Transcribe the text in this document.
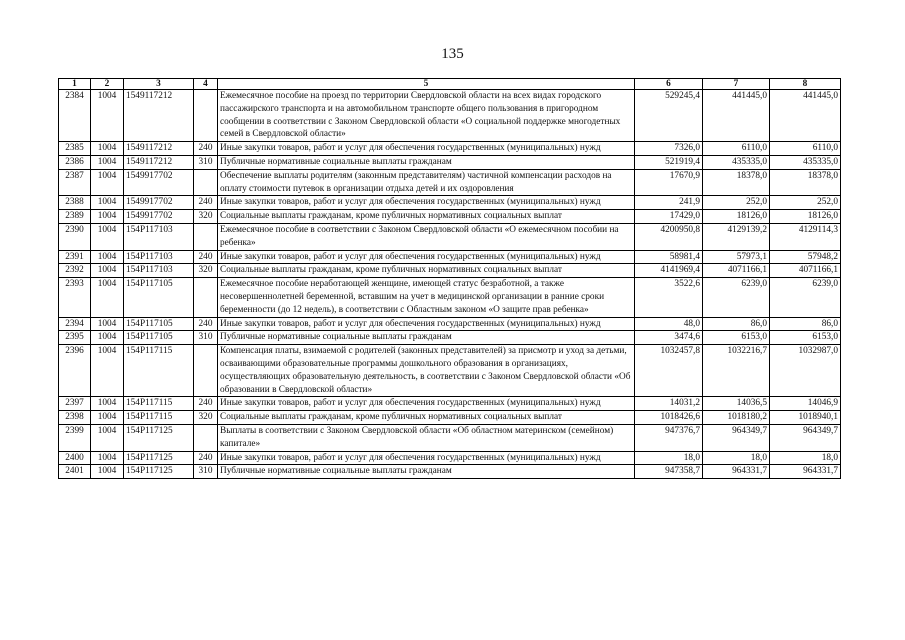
135
1	2	3	4	5	6	7	8
2384	1004	1549117212		Ежемесячное пособие на проезд по территории Свердловской области на всех видах городского пассажирского транспорта и на автомобильном транспорте общего пользования в пригородном сообщении в соответствии с Законом Свердловской области «О социальной поддержке многодетных семей в Свердловской области»	529245,4	441445,0	441445,0
2385	1004	1549117212	240	Иные закупки товаров, работ и услуг для обеспечения государственных (муниципальных) нужд	7326,0	6110,0	6110,0
2386	1004	1549117212	310	Публичные нормативные социальные выплаты гражданам	521919,4	435335,0	435335,0
2387	1004	1549917702		Обеспечение выплаты родителям (законным представителям) частичной компенсации расходов на оплату стоимости путевок в организации отдыха детей и их оздоровления	17670,9	18378,0	18378,0
2388	1004	1549917702	240	Иные закупки товаров, работ и услуг для обеспечения государственных (муниципальных) нужд	241,9	252,0	252,0
2389	1004	1549917702	320	Социальные выплаты гражданам, кроме публичных нормативных социальных выплат	17429,0	18126,0	18126,0
2390	1004	154P117103		Ежемесячное пособие в соответствии с Законом Свердловской области «О ежемесячном пособии на ребенка»	4200950,8	4129139,2	4129114,3
2391	1004	154P117103	240	Иные закупки товаров, работ и услуг для обеспечения государственных (муниципальных) нужд	58981,4	57973,1	57948,2
2392	1004	154P117103	320	Социальные выплаты гражданам, кроме публичных нормативных социальных выплат	4141969,4	4071166,1	4071166,1
2393	1004	154P117105		Ежемесячное пособие неработающей женщине, имеющей статус безработной, а также несовершеннолетней беременной, вставшим на учет в медицинской организации в ранние сроки беременности (до 12 недель), в соответствии с Областным законом «О защите прав ребенка»	3522,6	6239,0	6239,0
2394	1004	154P117105	240	Иные закупки товаров, работ и услуг для обеспечения государственных (муниципальных) нужд	48,0	86,0	86,0
2395	1004	154P117105	310	Публичные нормативные социальные выплаты гражданам	3474,6	6153,0	6153,0
2396	1004	154P117115		Компенсация платы, взимаемой с родителей (законных представителей) за присмотр и уход за детьми, осваивающими образовательные программы дошкольного образования в организациях, осуществляющих образовательную деятельность, в соответствии с Законом Свердловской области «Об образовании в Свердловской области»	1032457,8	1032216,7	1032987,0
2397	1004	154P117115	240	Иные закупки товаров, работ и услуг для обеспечения государственных (муниципальных) нужд	14031,2	14036,5	14046,9
2398	1004	154P117115	320	Социальные выплаты гражданам, кроме публичных нормативных социальных выплат	1018426,6	1018180,2	1018940,1
2399	1004	154P117125		Выплаты в соответствии с Законом Свердловской области «Об областном материнском (семейном) капитале»	947376,7	964349,7	964349,7
2400	1004	154P117125	240	Иные закупки товаров, работ и услуг для обеспечения государственных (муниципальных) нужд	18,0	18,0	18,0
2401	1004	154P117125	310	Публичные нормативные социальные выплаты гражданам	947358,7	964331,7	964331,7
